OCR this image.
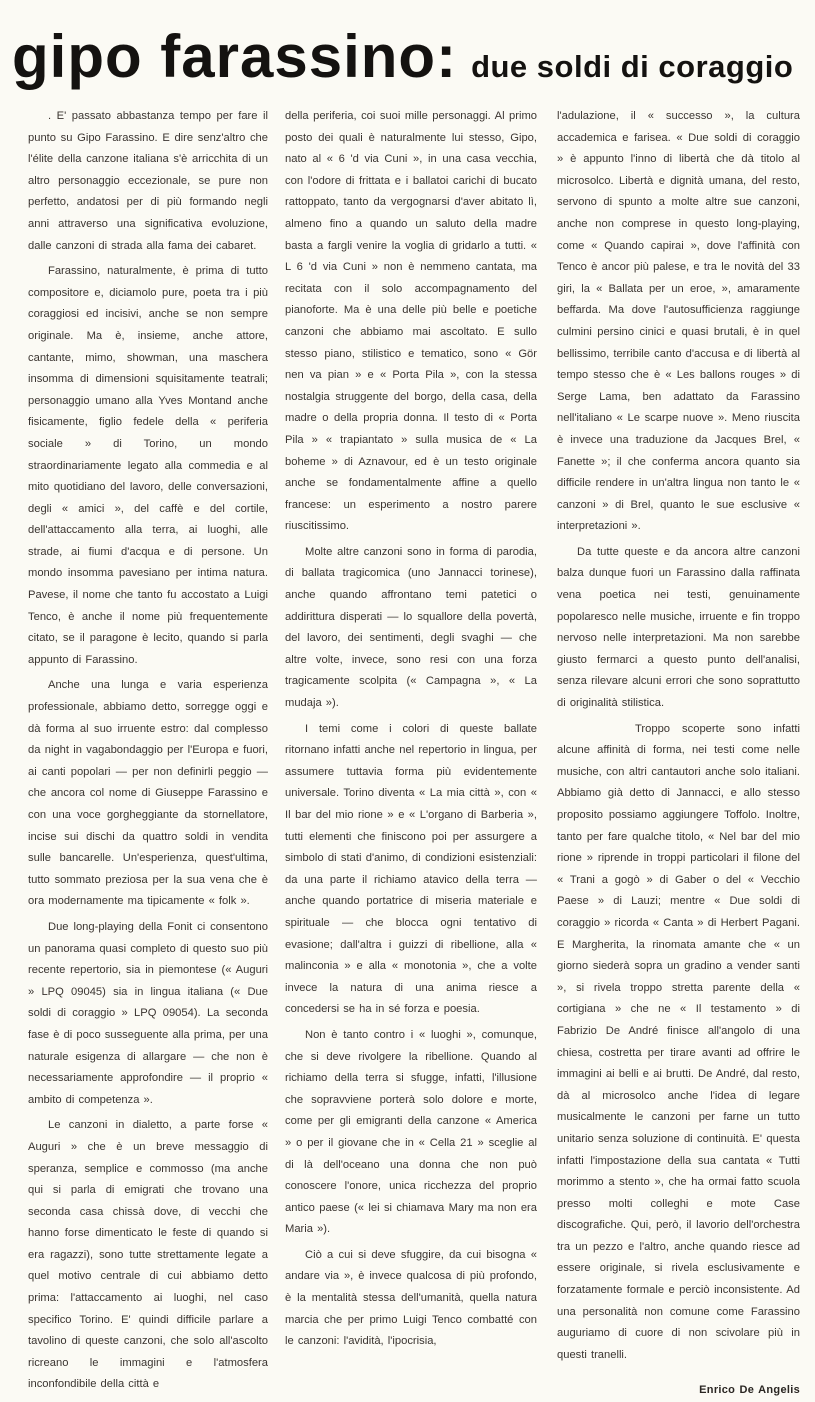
gipo farassino: due soldi di coraggio

. E' passato abbastanza tempo per fare il punto su Gipo Farassino. E dire senz'altro che l'élite della canzone italiana s'è arricchita di un altro personaggio eccezionale, se pure non perfetto, andatosi per di più formando negli anni attraverso una significativa evoluzione, dalle canzoni di strada alla fama dei cabaret.

Farassino, naturalmente, è prima di tutto compositore e, diciamolo pure, poeta tra i più coraggiosi ed incisivi, anche se non sempre originale. Ma è, insieme, anche attore, cantante, mimo, showman, una maschera insomma di dimensioni squisitamente teatrali; personaggio umano alla Yves Montand anche fisicamente, figlio fedele della « periferia sociale » di Torino, un mondo straordinariamente legato alla commedia e al mito quotidiano del lavoro, delle conversazioni, degli « amici », del caffè e del cortile, dell'attaccamento alla terra, ai luoghi, alle strade, ai fiumi d'acqua e di persone. Un mondo insomma pavesiano per intima natura. Pavese, il nome che tanto fu accostato a Luigi Tenco, è anche il nome più frequentemente citato, se il paragone è lecito, quando si parla appunto di Farassino.

Anche una lunga e varia esperienza professionale, abbiamo detto, sorregge oggi e dà forma al suo irruente estro: dal complesso da night in vagabondaggio per l'Europa e fuori, ai canti popolari — per non definirli peggio — che ancora col nome di Giuseppe Farassino e con una voce gorgheggiante da stornellatore, incise sui dischi da quattro soldi in vendita sulle bancarelle. Un'esperienza, quest'ultima, tutto sommato preziosa per la sua vena che è ora modernamente ma tipicamente « folk ».

Due long-playing della Fonit ci consentono un panorama quasi completo di questo suo più recente repertorio, sia in piemontese (« Auguri » LPQ 09045) sia in lingua italiana (« Due soldi di coraggio » LPQ 09054). La seconda fase è di poco susseguente alla prima, per una naturale esigenza di allargare — che non è necessariamente approfondire — il proprio « ambito di competenza ».

Le canzoni in dialetto, a parte forse « Auguri » che è un breve messaggio di speranza, semplice e commosso (ma anche qui si parla di emigrati che trovano una seconda casa chissà dove, di vecchi che hanno forse dimenticato le feste di quando si era ragazzi), sono tutte strettamente legate a quel motivo centrale di cui abbiamo detto prima: l'attaccamento ai luoghi, nel caso specifico Torino. E' quindi difficile parlare a tavolino di queste canzoni, che solo all'ascolto ricreano le immagini e l'atmosfera inconfondibile della città e

della periferia, coi suoi mille personaggi. Al primo posto dei quali è naturalmente lui stesso, Gipo, nato al « 6 'd via Cuni », in una casa vecchia, con l'odore di frittata e i ballatoi carichi di bucato rattoppato, tanto da vergognarsi d'aver abitato lì, almeno fino a quando un saluto della madre basta a fargli venire la voglia di gridarlo a tutti. « L 6 'd via Cuni » non è nemmeno cantata, ma recitata con il solo accompagnamento del pianoforte. Ma è una delle più belle e poetiche canzoni che abbiamo mai ascoltato. E sullo stesso piano, stilistico e tematico, sono « Gör nen va pian » e « Porta Pila », con la stessa nostalgia struggente del borgo, della casa, della madre o della propria donna. Il testo di « Porta Pila » « trapiantato » sulla musica de « La boheme » di Aznavour, ed è un testo originale anche se fondamentalmente affine a quello francese: un esperimento a nostro parere riuscitissimo.

Molte altre canzoni sono in forma di parodia, di ballata tragicomica (uno Jannacci torinese), anche quando affrontano temi patetici o addirittura disperati — lo squallore della povertà, del lavoro, dei sentimenti, degli svaghi — che altre volte, invece, sono resi con una forza tragicamente scolpita (« Campagna », « La mudaja »).

I temi come i colori di queste ballate ritornano infatti anche nel repertorio in lingua, per assumere tuttavia forma più evidentemente universale. Torino diventa « La mia città », con « Il bar del mio rione » e « L'organo di Barberia », tutti elementi che finiscono poi per assurgere a simbolo di stati d'animo, di condizioni esistenziali: da una parte il richiamo atavico della terra — anche quando portatrice di miseria materiale e spirituale — che blocca ogni tentativo di evasione; dall'altra i guizzi di ribellione, alla « malinconia » e alla « monotonia », che a volte invece la natura di una anima riesce a concedersi se ha in sé forza e poesia.

Non è tanto contro i « luoghi », comunque, che si deve rivolgere la ribellione. Quando al richiamo della terra si sfugge, infatti, l'illusione che sopravviene porterà solo dolore e morte, come per gli emigranti della canzone « America » o per il giovane che in « Cella 21 » sceglie al di là dell'oceano una donna che non può conoscere l'onore, unica ricchezza del proprio antico paese (« lei si chiamava Mary ma non era Maria »).

Ciò a cui si deve sfuggire, da cui bisogna « andare via », è invece qualcosa di più profondo, è la mentalità stessa dell'umanità, quella natura marcia che per primo Luigi Tenco combatté con le canzoni: l'avidità, l'ipocrisia,

l'adulazione, il « successo », la cultura accademica e farisea. « Due soldi di coraggio » è appunto l'inno di libertà che dà titolo al microsolco. Libertà e dignità umana, del resto, servono di spunto a molte altre sue canzoni, anche non comprese in questo long-playing, come « Quando capirai », dove l'affinità con Tenco è ancor più palese, e tra le novità del 33 giri, la « Ballata per un eroe, », amaramente beffarda. Ma dove l'autosufficienza raggiunge culmini persino cinici e quasi brutali, è in quel bellissimo, terribile canto d'accusa e di libertà al tempo stesso che è « Les ballons rouges » di Serge Lama, ben adattato da Farassino nell'italiano « Le scarpe nuove ». Meno riuscita è invece una traduzione da Jacques Brel, « Fanette »; il che conferma ancora quanto sia difficile rendere in un'altra lingua non tanto le « canzoni » di Brel, quanto le sue esclusive « interpretazioni ».

Da tutte queste e da ancora altre canzoni balza dunque fuori un Farassino dalla raffinata vena poetica nei testi, genuinamente popolaresco nelle musiche, irruente e fin troppo nervoso nelle interpretazioni. Ma non sarebbe giusto fermarci a questo punto dell'analisi, senza rilevare alcuni errori che sono soprattutto di originalità stilistica.

Troppo scoperte sono infatti alcune affinità di forma, nei testi come nelle musiche, con altri cantautori anche solo italiani. Abbiamo già detto di Jannacci, e allo stesso proposito possiamo aggiungere Toffolo. Inoltre, tanto per fare qualche titolo, « Nel bar del mio rione » riprende in troppi particolari il filone del « Trani a gogò » di Gaber o del « Vecchio Paese » di Lauzi; mentre « Due soldi di coraggio » ricorda « Canta » di Herbert Pagani. E Margherita, la rinomata amante che « un giorno siederà sopra un gradino a vender santi », si rivela troppo stretta parente della « cortigiana » che ne « Il testamento » di Fabrizio De André finisce all'angolo di una chiesa, costretta per tirare avanti ad offrire le immagini ai belli e ai brutti. De André, dal resto, dà al microsolco anche l'idea di legare musicalmente le canzoni per farne un tutto unitario senza soluzione di continuità. E' questa infatti l'impostazione della sua cantata « Tutti morimmo a stento », che ha ormai fatto scuola presso molti colleghi e mote Case discografiche. Qui, però, il lavorio dell'orchestra tra un pezzo e l'altro, anche quando riesce ad essere originale, si rivela esclusivamente e forzatamente formale e perciò inconsistente. Ad una personalità non comune come Farassino auguriamo di cuore di non scivolare più in questi tranelli.

Enrico De Angelis
